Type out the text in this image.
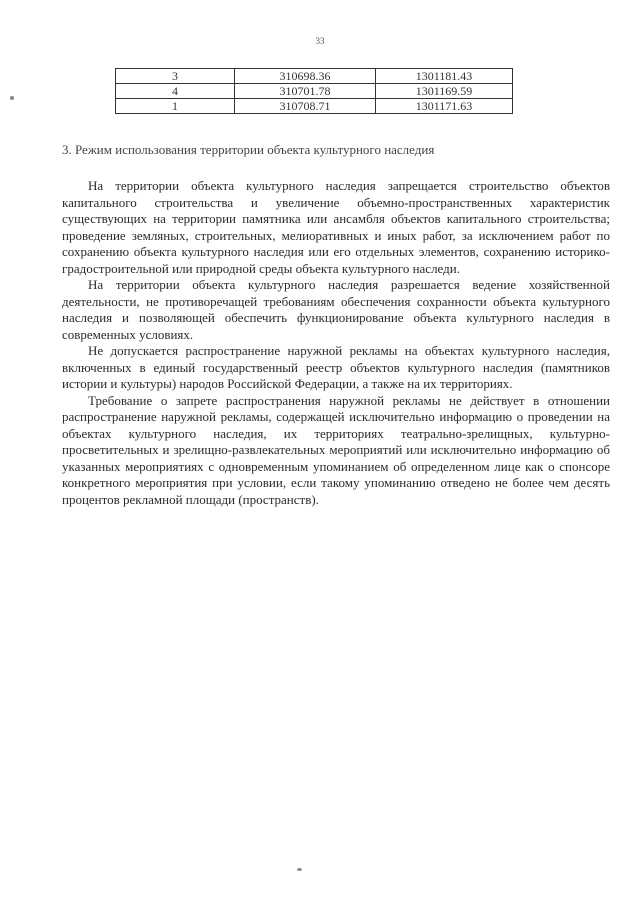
33
3	310698.36	1301181.43
4	310701.78	1301169.59
1	310708.71	1301171.63
3. Режим использования территории объекта культурного наследия

На территории объекта культурного наследия запрещается строительство объектов капитального строительства и увеличение объемно-пространственных характеристик существующих на территории памятника или ансамбля объектов капитального строительства; проведение земляных, строительных, мелиоративных и иных работ, за исключением работ по сохранению объекта культурного наследия или его отдельных элементов, сохранению историко-градостроительной или природной среды объекта культурного наследи.

На территории объекта культурного наследия разрешается ведение хозяйственной деятельности, не противоречащей требованиям обеспечения сохранности объекта культурного наследия и позволяющей обеспечить функционирование объекта культурного наследия в современных условиях.

Не допускается распространение наружной рекламы на объектах культурного наследия, включенных в единый государственный реестр объектов культурного наследия (памятников истории и культуры) народов Российской Федерации, а также на их территориях.

Требование о запрете распространения наружной рекламы не действует в отношении распространение наружной рекламы, содержащей исключительно информацию о проведении на объектах культурного наследия, их территориях театрально-зрелищных, культурно-просветительных и зрелищно-развлекательных мероприятий или исключительно информацию об указанных мероприятиях с одновременным упоминанием об определенном лице как о спонсоре конкретного мероприятия при условии, если такому упоминанию отведено не более чем десять процентов рекламной площади (пространств).
